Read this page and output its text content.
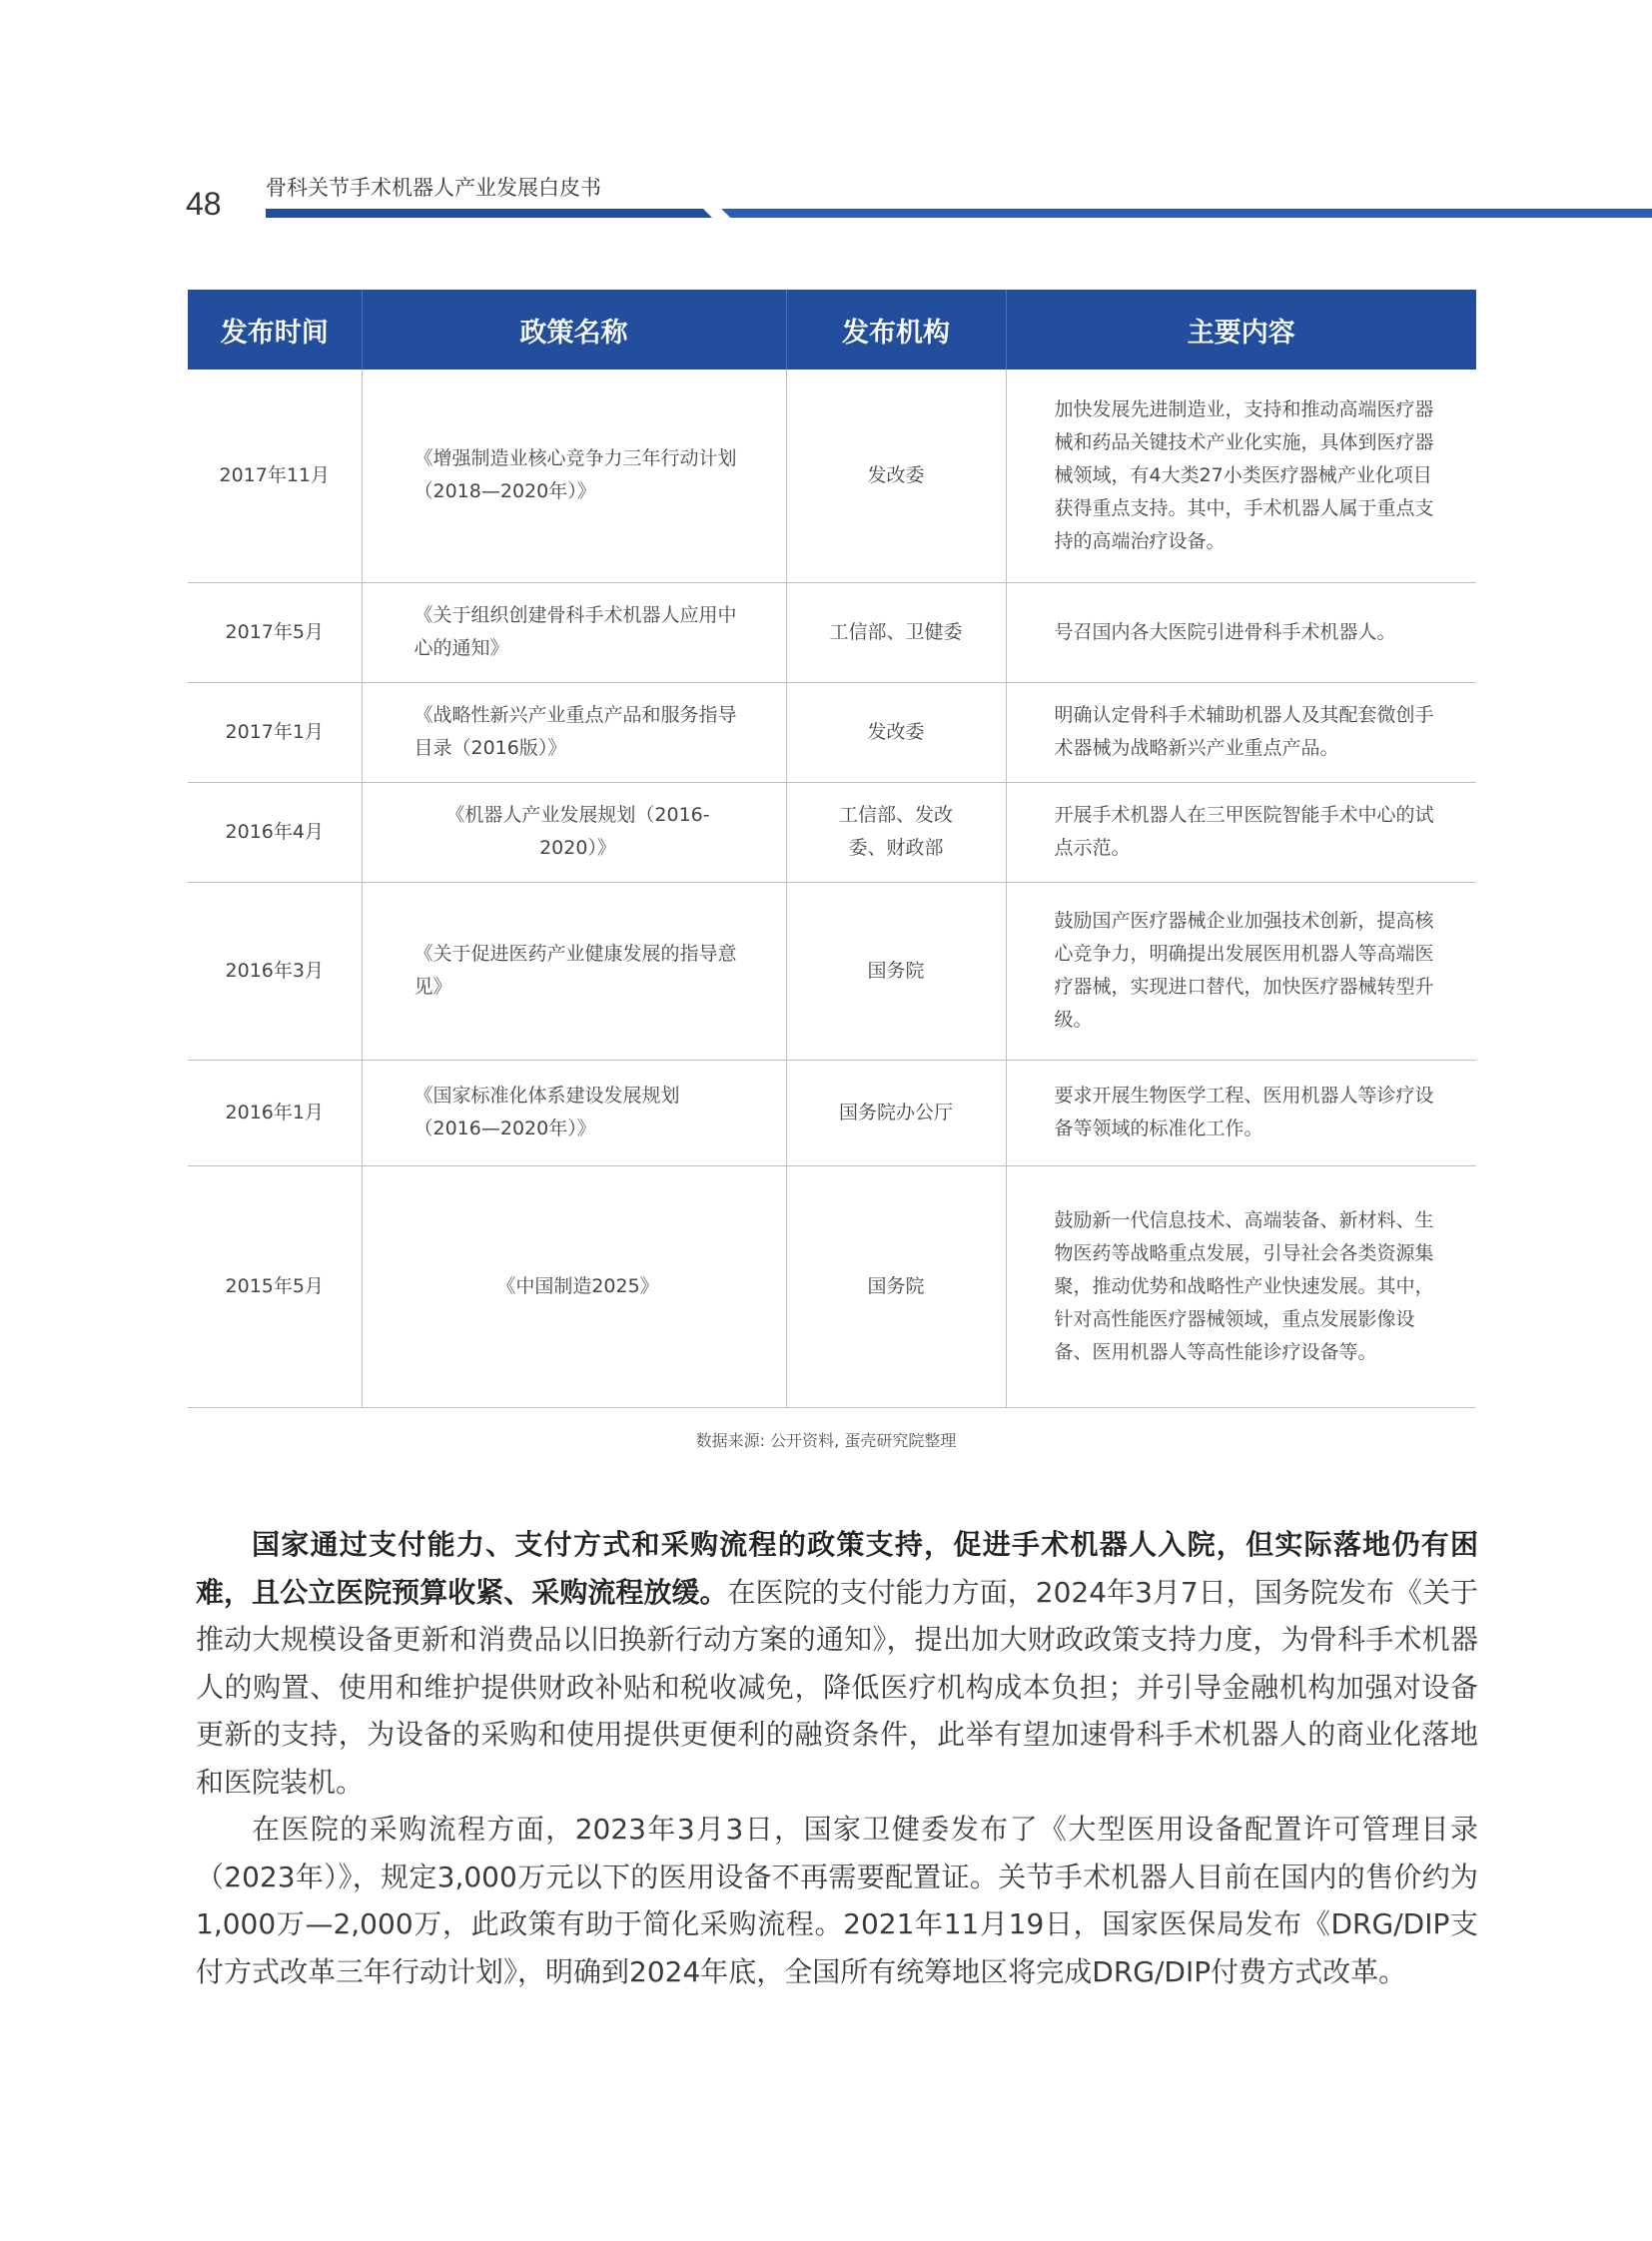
48 骨科关节手术机器人产业发展白皮书
发布时间	政策名称	发布机构	主要内容
2017年11月	《增强制造业核心竞争力三年行动计划（2018—2020年）》	发改委	加快发展先进制造业，支持和推动高端医疗器械和药品关键技术产业化实施，具体到医疗器械领域，有4大类27小类医疗器械产业化项目获得重点支持。其中，手术机器人属于重点支持的高端治疗设备。
2017年5月	《关于组织创建骨科手术机器人应用中心的通知》	工信部、卫健委	号召国内各大医院引进骨科手术机器人。
2017年1月	《战略性新兴产业重点产品和服务指导目录（2016版）》	发改委	明确认定骨科手术辅助机器人及其配套微创手术器械为战略新兴产业重点产品。
2016年4月	《机器人产业发展规划（2016-2020）》	工信部、发改委、财政部	开展手术机器人在三甲医院智能手术中心的试点示范。
2016年3月	《关于促进医药产业健康发展的指导意见》	国务院	鼓励国产医疗器械企业加强技术创新，提高核心竞争力，明确提出发展医用机器人等高端医疗器械，实现进口替代，加快医疗器械转型升级。
2016年1月	《国家标准化体系建设发展规划（2016—2020年）》	国务院办公厅	要求开展生物医学工程、医用机器人等诊疗设备等领域的标准化工作。
2015年5月	《中国制造2025》	国务院	鼓励新一代信息技术、高端装备、新材料、生物医药等战略重点发展，引导社会各类资源集聚，推动优势和战略性产业快速发展。其中，针对高性能医疗器械领域，重点发展影像设备、医用机器人等高性能诊疗设备等。
数据来源: 公开资料, 蛋壳研究院整理

国家通过支付能力、支付方式和采购流程的政策支持，促进手术机器人入院，但实际落地仍有困难，且公立医院预算收紧、采购流程放缓。在医院的支付能力方面，2024年3月7日，国务院发布《关于推动大规模设备更新和消费品以旧换新行动方案的通知》，提出加大财政政策支持力度，为骨科手术机器人的购置、使用和维护提供财政补贴和税收减免，降低医疗机构成本负担；并引导金融机构加强对设备更新的支持，为设备的采购和使用提供更便利的融资条件，此举有望加速骨科手术机器人的商业化落地和医院装机。

在医院的采购流程方面，2023年3月3日，国家卫健委发布了《大型医用设备配置许可管理目录（2023年）》，规定3,000万元以下的医用设备不再需要配置证。关节手术机器人目前在国内的售价约为1,000万—2,000万，此政策有助于简化采购流程。2021年11月19日，国家医保局发布《DRG/DIP支付方式改革三年行动计划》，明确到2024年底，全国所有统筹地区将完成DRG/DIP付费方式改革。
